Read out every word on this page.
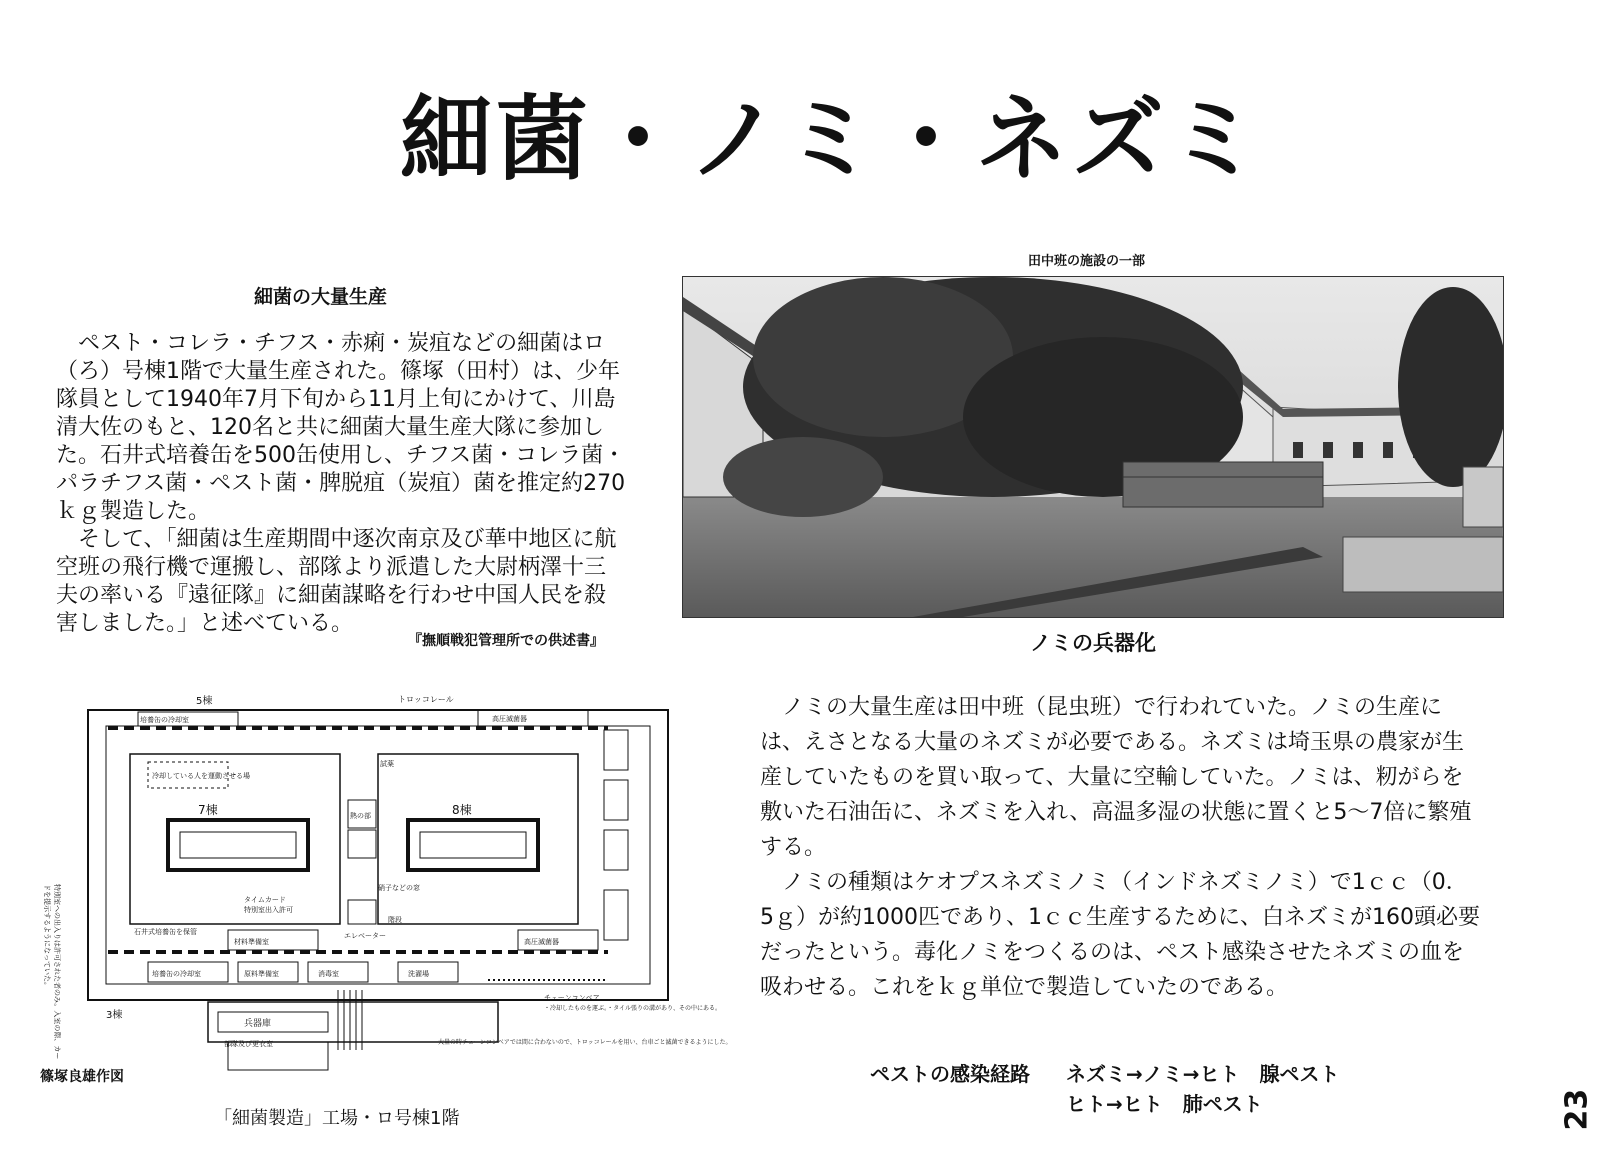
細菌・ノミ・ネズミ
細菌の大量生産

ペスト・コレラ・チフス・赤痢・炭疽などの細菌はロ（ろ）号棟1階で大量生産された。篠塚（田村）は、少年隊員として1940年7月下旬から11月上旬にかけて、川島清大佐のもと、120名と共に細菌大量生産大隊に参加した。石井式培養缶を500缶使用し、チフス菌・コレラ菌・パラチフス菌・ペスト菌・脾脱疽（炭疽）菌を推定約270ｋｇ製造した。

そして、「細菌は生産期間中逐次南京及び華中地区に航空班の飛行機で運搬し、部隊より派遣した大尉柄澤十三夫の率いる『遠征隊』に細菌謀略を行わせ中国人民を殺害しました。」と述べている。

『撫順戦犯管理所での供述書』
田中班の施設の一部
ノミの兵器化

ノミの大量生産は田中班（昆虫班）で行われていた。ノミの生産には、えさとなる大量のネズミが必要である。ネズミは埼玉県の農家が生産していたものを買い取って、大量に空輸していた。ノミは、籾がらを敷いた石油缶に、ネズミを入れ、高温多湿の状態に置くと5〜7倍に繁殖する。

ノミの種類はケオプスネズミノミ（インドネズミノミ）で1ｃｃ（0．5ｇ）が約1000匹であり、1ｃｃ生産するために、白ネズミが160頭必要だったという。毒化ノミをつくるのは、ペスト感染させたネズミの血を吸わせる。これをｋｇ単位で製造していたのである。

ペストの感染経路 ネズミ→ノミ→ヒト　腺ペスト
ヒト→ヒト　肺ペスト
5棟	トロッコレール
3棟
7棟	8棟
培養缶の冷却室	高圧滅菌器
冷却している人を運動させる場
試薬
熱の部
硝子などの窓
階段
エレベーター
タイムカード
特別室出入許可
材料準備室
石井式培養缶を保管
培養缶の冷却室	原料準備室	消毒室	洗濯場
高圧滅菌器
兵器庫
部隊及び更衣室
チェーンコンベア
・冷却したものを運ぶ。・タイル張りの溝があり、その中にある。
大量の時チェーンコンベアでは間に合わないので、トロッコレールを用い、台車ごと滅菌できるようにした。
特別室への出入りは許可された者のみ。入室の際、カードを提示するようになっていた。
篠塚良雄作図
「細菌製造」工場・ロ号棟1階	23
